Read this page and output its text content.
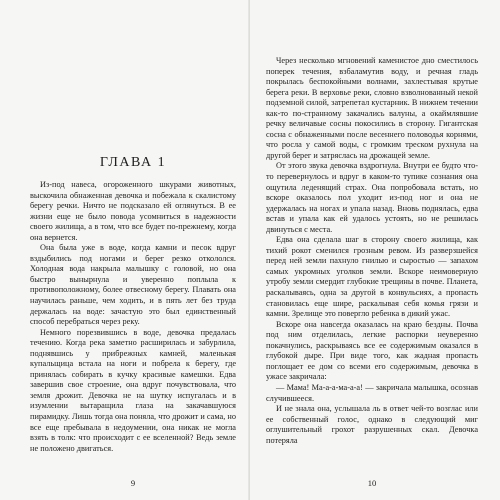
ГЛАВА 1

Из-под навеса, огороженного шкурами животных, выскочила обнаженная девочка и побежала к скалистому берегу речки. Ничто не подсказало ей оглянуться. В ее жизни еще не было повода усомниться в надежности своего жилища, а в том, что все будет по-прежнему, когда она вернется.

Она была уже в воде, когда камни и песок вдруг вздыбились под ногами и берег резко откололся. Холодная вода накрыла малышку с головой, но она быстро вынырнула и уверенно поплыла к противоположному, более отвесному берегу. Плавать она научилась раньше, чем ходить, и в пять лет без труда держалась на воде: зачастую это был единственный способ перебраться через реку.

Немного порезвившись в воде, девочка предалась течению. Когда река заметно расширилась и забурлила, поднявшись у прибрежных камней, маленькая купальщица встала на ноги и побрела к берегу, где принялась собирать в кучку красивые камешки. Едва завершив свое строение, она вдруг почувствовала, что земля дрожит. Девочка не на шутку испугалась и в изумлении вытаращила глаза на закачавшуюся пирамидку. Лишь тогда она поняла, что дрожит и сама, но все еще пребывала в недоумении, она никак не могла взять в толк: что происходит с ее вселенной? Ведь земле не положено двигаться.

9

Через несколько мгновений каменистое дно сместилось поперек течения, взбаламутив воду, и речная гладь покрылась беспокойными волнами, захлестывая крутые берега реки. В верховье реки, словно взволнованный некой подземной силой, затрепетал кустарник. В нижнем течении как-то по-странному закачались валуны, а окаймлявшие речку величавые сосны покосились в сторону. Гигантская сосна с обнаженными после весеннего половодья корнями, что росла у самой воды, с громким треском рухнула на другой берег и затряслась на дрожащей земле.

От этого звука девочка вздрогнула. Внутри ее будто что-то перевернулось и вдруг в каком-то тупике сознания она ощутила леденящий страх. Она попробовала встать, но вскоре оказалось пол уходит из-под ног и она не удержалась на ногах и упала назад. Вновь поднялась, едва встав и упала как ей удалось устоять, но не решилась двинуться с места.

Едва она сделала шаг в сторону своего жилища, как тихий рокот сменился грозным ревом. Из разверзшейся перед ней земли пахнуло гнилью и сыростью — запахом самых укромных уголков земли. Вскоре неимоверную утробу земли смердит глубокие трещины в почве. Планета, раскалываясь, одна за другой в конвульсиях, а пропасть становилась еще шире, раскалывая себя комья грязи и камни. Зрелище это повергло ребенка в дикий ужас.

Вскоре она навсегда оказалась на краю бездны. Почва под ним отделилась, легкие распорки неуверенно покачнулись, раскрываясь все ее содержимым оказался в глубокой дыре. При виде того, как жадная пропасть поглощает ее дом со всеми его содержимым, девочка в ужасе закричала:

— Мама! Ма-а-а-ма-а-а! — закричала малышка, осознав случившееся.

И не знала она, услышала ль в ответ чей-то возглас или ее собственный голос, однако в следующий миг оглушительный грохот разрушенных скал. Девочка потеряла

10
